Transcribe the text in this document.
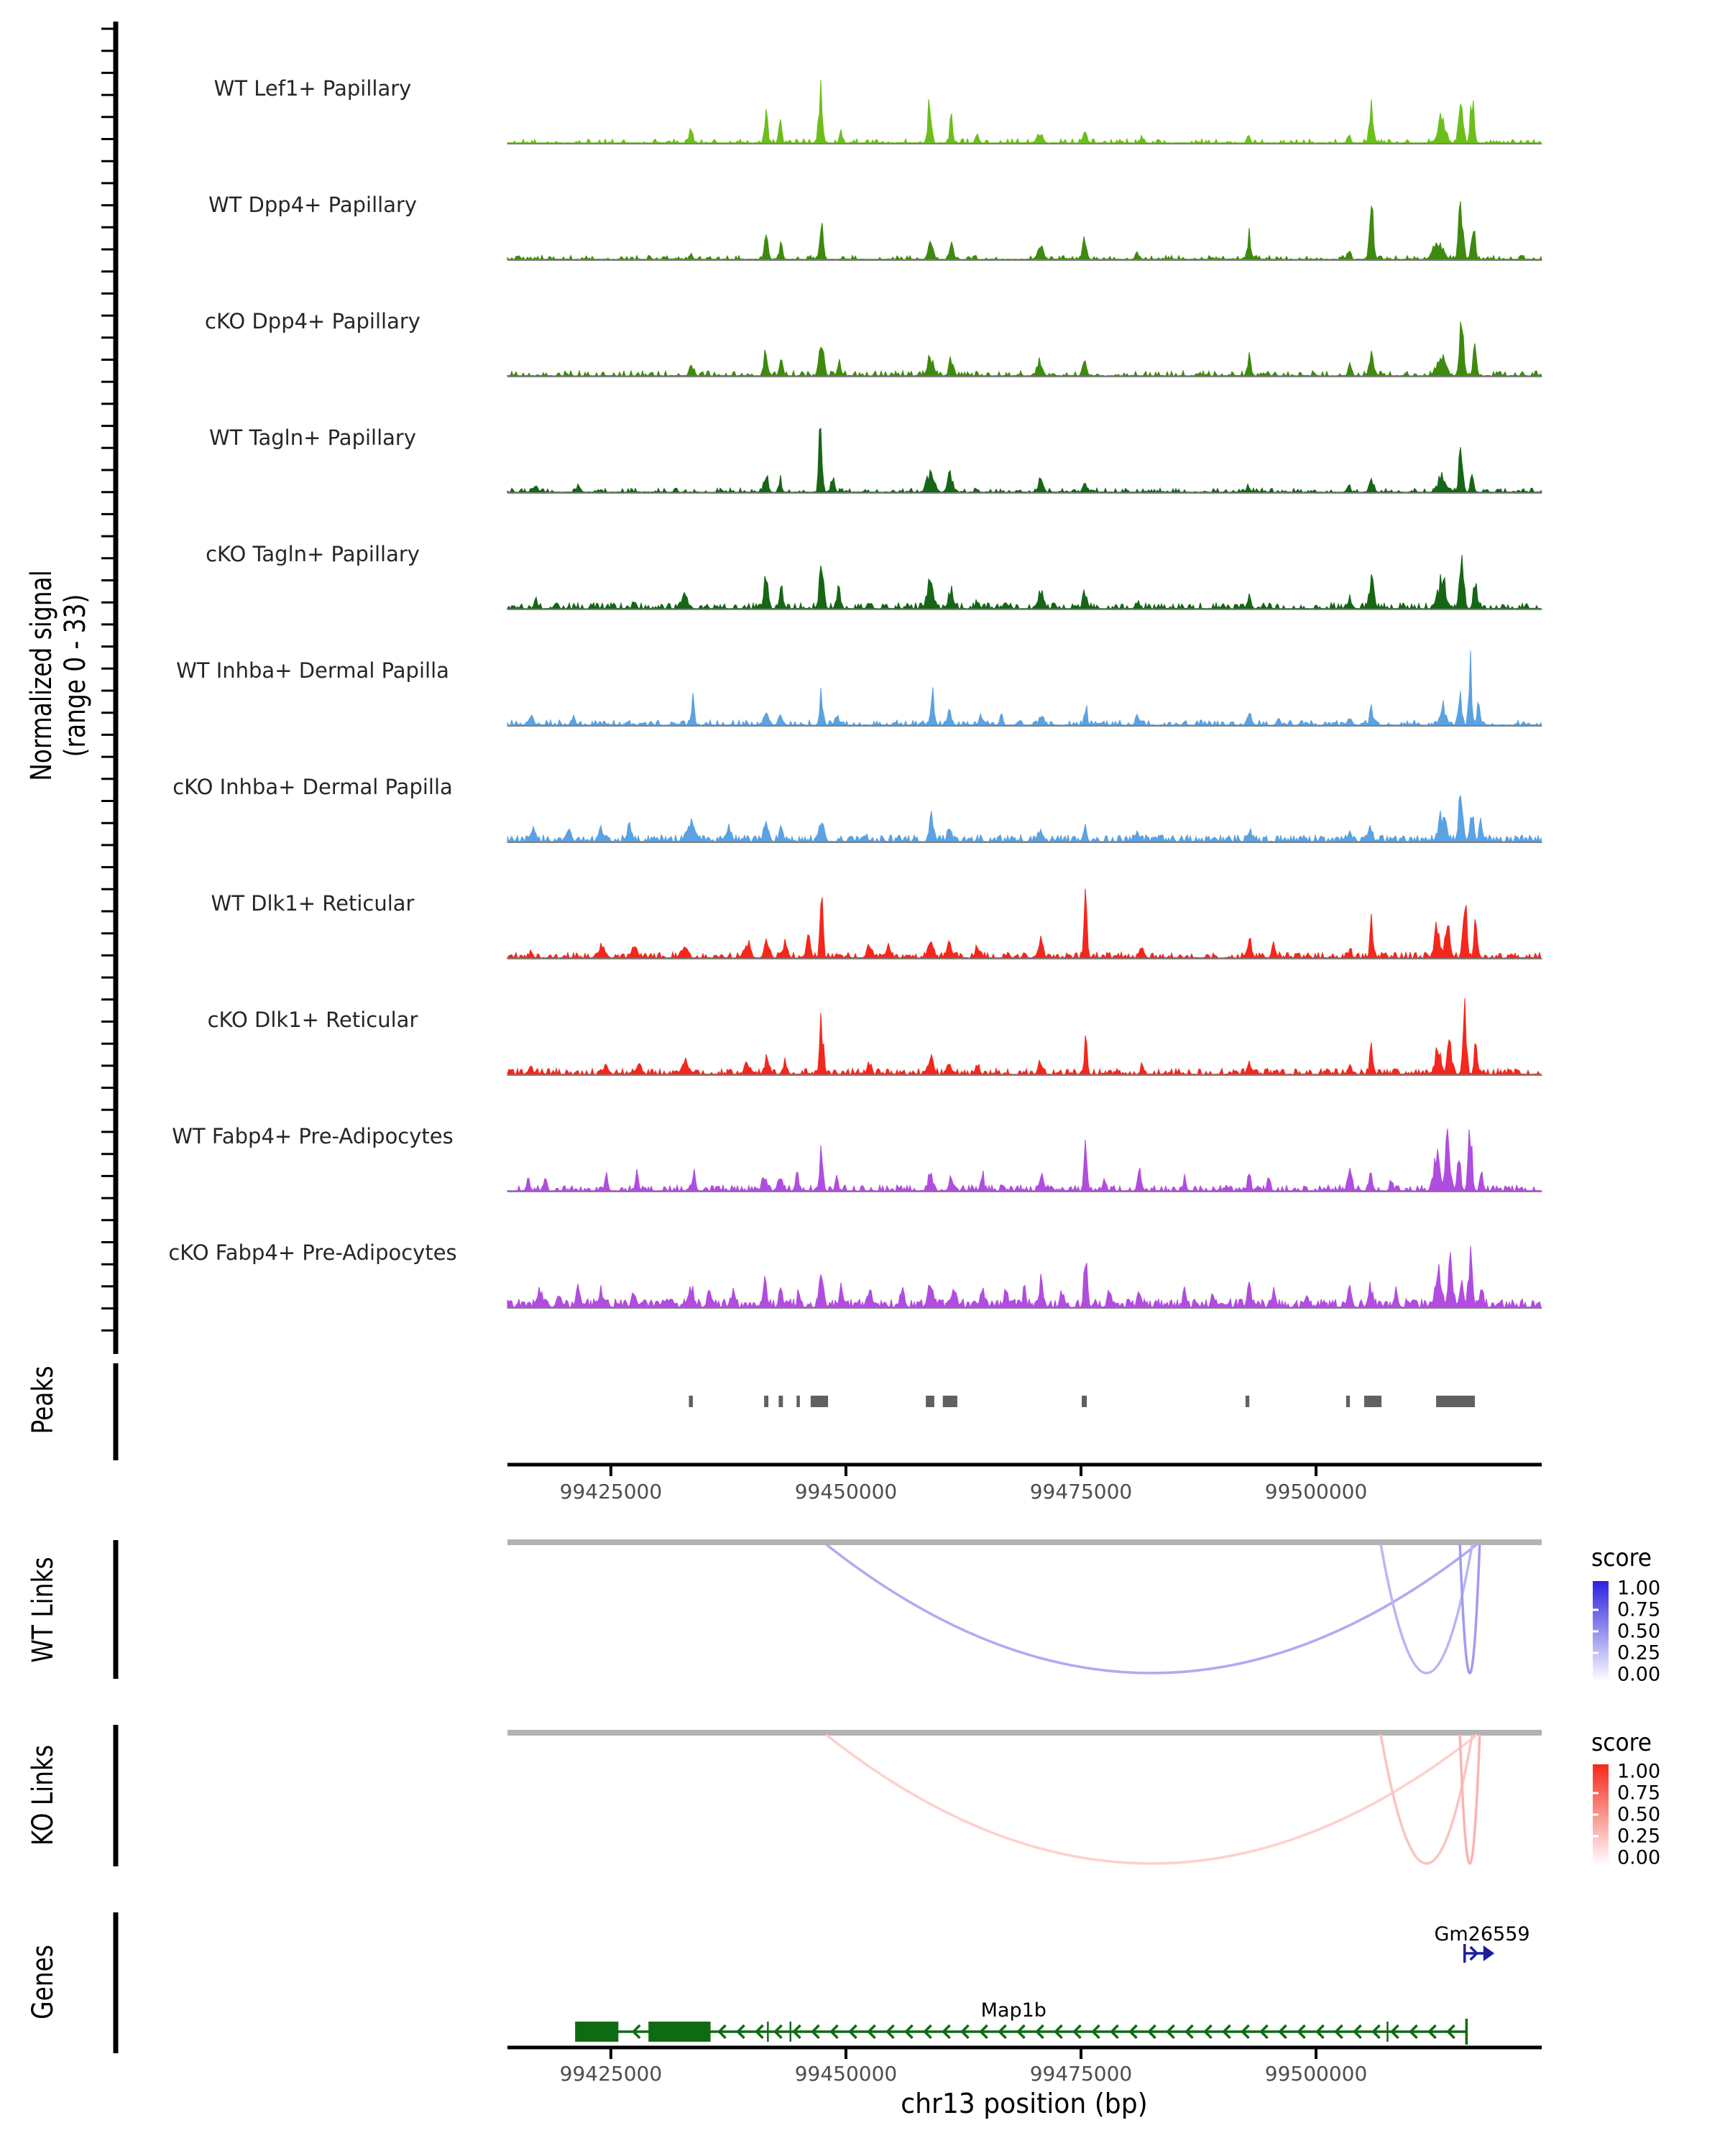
99425000	99450000	99475000	99500000
99425000	99450000	99475000	99500000
1.00
0.75
0.50
0.25
0.00
1.00
0.75
0.50
0.25
0.00
Map1b
Gm26559
Normalized signal (range 0 - 33)
Peaks
WT Links
KO Links
Genes
score
score
chr13 position (bp)
WT Lef1+ Papillary
WT Dpp4+ Papillary
cKO Dpp4+ Papillary
WT Tagln+ Papillary
cKO Tagln+ Papillary
WT Inhba+ Dermal Papilla
cKO Inhba+ Dermal Papilla
WT Dlk1+ Reticular
cKO Dlk1+ Reticular
WT Fabp4+ Pre-Adipocytes
cKO Fabp4+ Pre-Adipocytes
